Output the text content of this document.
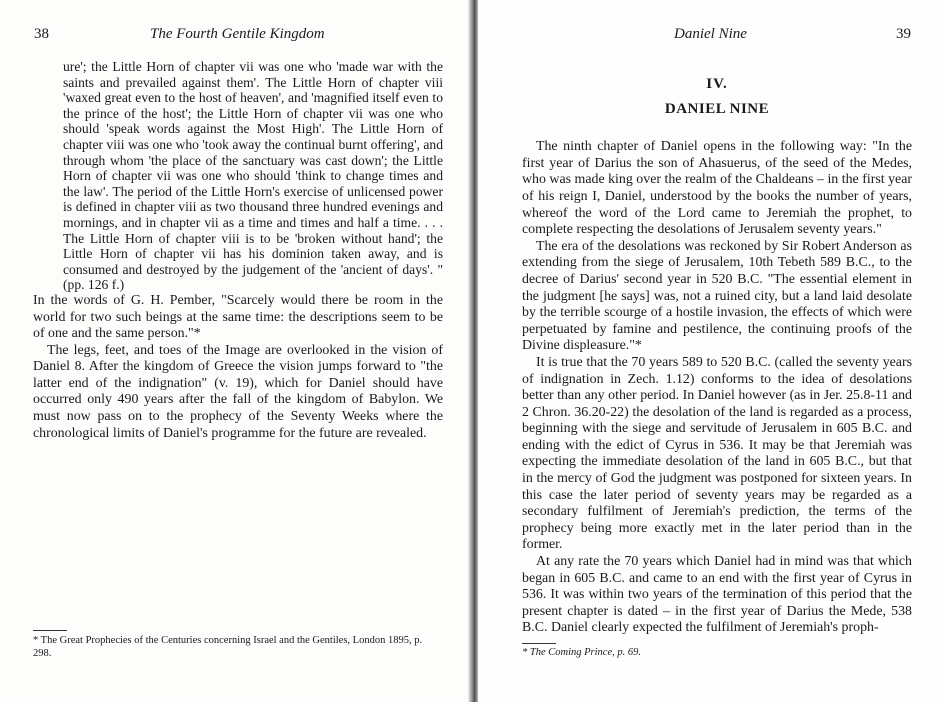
38	The Fourth Gentile Kingdom

ure'; the Little Horn of chapter vii was one who 'made war with the saints and prevailed against them'. The Little Horn of chapter viii 'waxed great even to the host of heaven', and 'magnified itself even to the prince of the host'; the Little Horn of chapter vii was one who should 'speak words against the Most High'. The Little Horn of chapter viii was one who 'took away the continual burnt offering', and through whom 'the place of the sanctuary was cast down'; the Little Horn of chapter vii was one who should 'think to change times and the law'. The period of the Little Horn's exercise of unlicensed power is defined in chapter viii as two thousand three hundred evenings and mornings, and in chapter vii as a time and times and half a time. . . . The Little Horn of chapter viii is to be 'broken without hand'; the Little Horn of chapter vii has his dominion taken away, and is consumed and destroyed by the judgement of the 'ancient of days'. " (pp. 126 f.)

In the words of G. H. Pember, "Scarcely would there be room in the world for two such beings at the same time: the descriptions seem to be of one and the same person."*

The legs, feet, and toes of the Image are overlooked in the vision of Daniel 8. After the kingdom of Greece the vision jumps forward to "the latter end of the indignation" (v. 19), which for Daniel should have occurred only 490 years after the fall of the kingdom of Babylon. We must now pass on to the prophecy of the Seventy Weeks where the chronological limits of Daniel's programme for the future are revealed.

* The Great Prophecies of the Centuries concerning Israel and the Gentiles, London 1895, p. 298.

Daniel Nine	39
IV.
DANIEL NINE

The ninth chapter of Daniel opens in the following way: "In the first year of Darius the son of Ahasuerus, of the seed of the Medes, who was made king over the realm of the Chaldeans – in the first year of his reign I, Daniel, understood by the books the number of years, whereof the word of the Lord came to Jeremiah the prophet, to complete respecting the desolations of Jerusalem seventy years."

The era of the desolations was reckoned by Sir Robert Anderson as extending from the siege of Jerusalem, 10th Tebeth 589 B.C., to the decree of Darius' second year in 520 B.C. "The essential element in the judgment [he says] was, not a ruined city, but a land laid desolate by the terrible scourge of a hostile invasion, the effects of which were perpetuated by famine and pestilence, the continuing proofs of the Divine displeasure."*

It is true that the 70 years 589 to 520 B.C. (called the seventy years of indignation in Zech. 1.12) conforms to the idea of desolations better than any other period. In Daniel however (as in Jer. 25.8-11 and 2 Chron. 36.20-22) the desolation of the land is regarded as a process, beginning with the siege and servitude of Jerusalem in 605 B.C. and ending with the edict of Cyrus in 536. It may be that Jeremiah was expecting the immediate desolation of the land in 605 B.C., but that in the mercy of God the judgment was postponed for sixteen years. In this case the later period of seventy years may be regarded as a secondary fulfilment of Jeremiah's prediction, the terms of the prophecy being more exactly met in the later period than in the former.

At any rate the 70 years which Daniel had in mind was that which began in 605 B.C. and came to an end with the first year of Cyrus in 536. It was within two years of the termination of this period that the present chapter is dated – in the first year of Darius the Mede, 538 B.C. Daniel clearly expected the fulfilment of Jeremiah's proph-

* The Coming Prince, p. 69.
